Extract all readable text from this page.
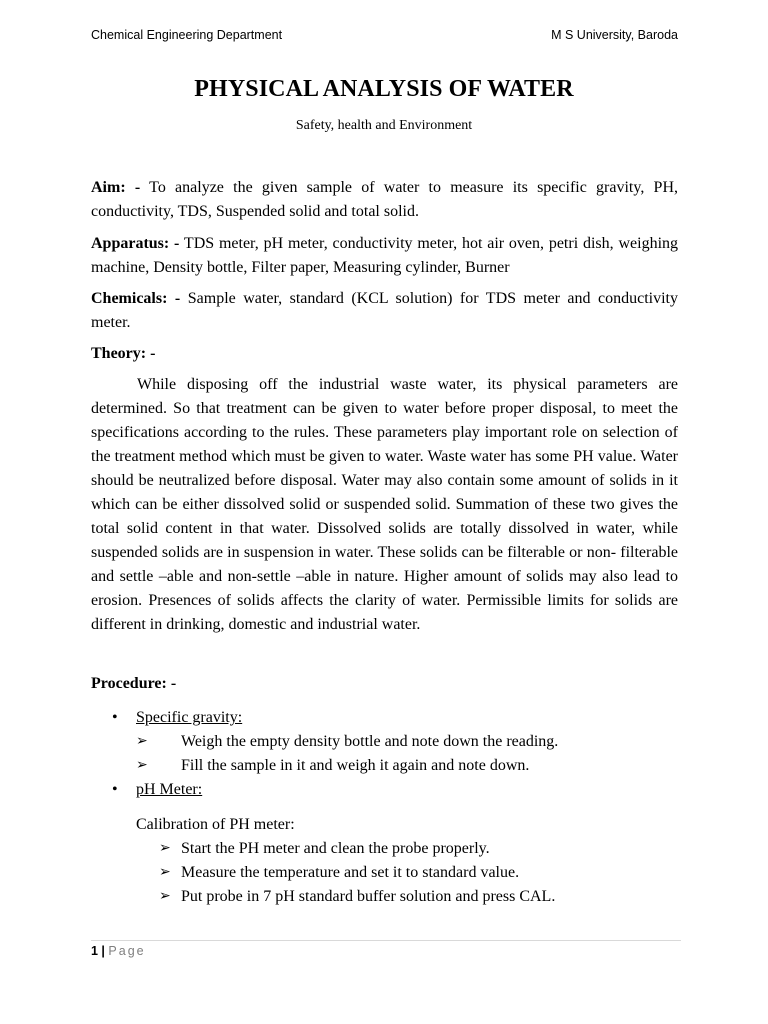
Chemical Engineering Department	M S University, Baroda
PHYSICAL ANALYSIS OF WATER
Safety, health and Environment
Aim: - To analyze the given sample of water to measure its specific gravity, PH, conductivity, TDS, Suspended solid and total solid.
Apparatus: - TDS meter, pH meter, conductivity meter, hot air oven, petri dish, weighing machine, Density bottle, Filter paper, Measuring cylinder, Burner
Chemicals: - Sample water, standard (KCL solution) for TDS meter and conductivity meter.
Theory: -
While disposing off the industrial waste water, its physical parameters are determined. So that treatment can be given to water before proper disposal, to meet the specifications according to the rules. These parameters play important role on selection of the treatment method which must be given to water. Waste water has some PH value. Water should be neutralized before disposal. Water may also contain some amount of solids in it which can be either dissolved solid or suspended solid. Summation of these two gives the total solid content in that water. Dissolved solids are totally dissolved in water, while suspended solids are in suspension in water. These solids can be filterable or non- filterable and settle –able and non-settle –able in nature. Higher amount of solids may also lead to erosion. Presences of solids affects the clarity of water. Permissible limits for solids are different in drinking, domestic and industrial water.
Procedure: -
• Specific gravity:
➢ Weigh the empty density bottle and note down the reading.
➢ Fill the sample in it and weigh it again and note down.
• pH Meter:
Calibration of PH meter:
➢ Start the PH meter and clean the probe properly.
➢ Measure the temperature and set it to standard value.
➢ Put probe in 7 pH standard buffer solution and press CAL.
1 | Page
